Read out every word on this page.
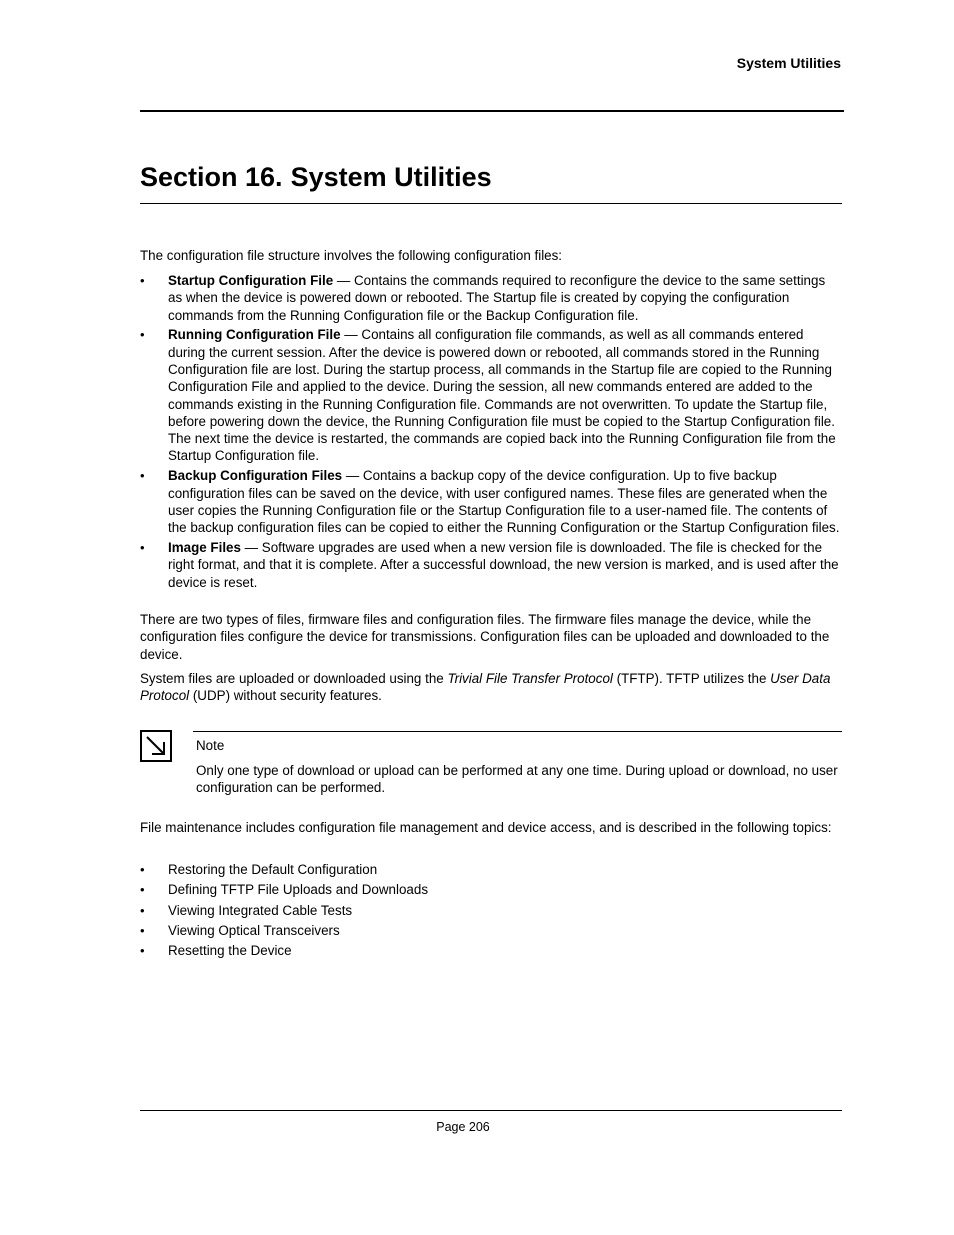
System Utilities
Section 16. System Utilities

The configuration file structure involves the following configuration files:

•	Startup Configuration File — Contains the commands required to reconfigure the device to the same settings as when the device is powered down or rebooted. The Startup file is created by copying the configuration commands from the Running Configuration file or the Backup Configuration file.
•	Running Configuration File — Contains all configuration file commands, as well as all commands entered during the current session. After the device is powered down or rebooted, all commands stored in the Running Configuration file are lost. During the startup process, all commands in the Startup file are copied to the Running Configuration File and applied to the device. During the session, all new commands entered are added to the commands existing in the Running Configuration file. Commands are not overwritten. To update the Startup file, before powering down the device, the Running Configuration file must be copied to the Startup Configuration file. The next time the device is restarted, the commands are copied back into the Running Configuration file from the Startup Configuration file.
•	Backup Configuration Files — Contains a backup copy of the device configuration. Up to five backup configuration files can be saved on the device, with user configured names. These files are generated when the user copies the Running Configuration file or the Startup Configuration file to a user-named file. The contents of the backup configuration files can be copied to either the Running Configuration or the Startup Configuration files.
•	Image Files — Software upgrades are used when a new version file is downloaded. The file is checked for the right format, and that it is complete. After a successful download, the new version is marked, and is used after the device is reset.

There are two types of files, firmware files and configuration files. The firmware files manage the device, while the configuration files configure the device for transmissions. Configuration files can be uploaded and downloaded to the device.

System files are uploaded or downloaded using the Trivial File Transfer Protocol (TFTP). TFTP utilizes the User Data Protocol (UDP) without security features.

Note
Only one type of download or upload can be performed at any one time. During upload or download, no user configuration can be performed.

File maintenance includes configuration file management and device access, and is described in the following topics:

• Restoring the Default Configuration
• Defining TFTP File Uploads and Downloads
• Viewing Integrated Cable Tests
• Viewing Optical Transceivers
• Resetting the Device
Page 206
